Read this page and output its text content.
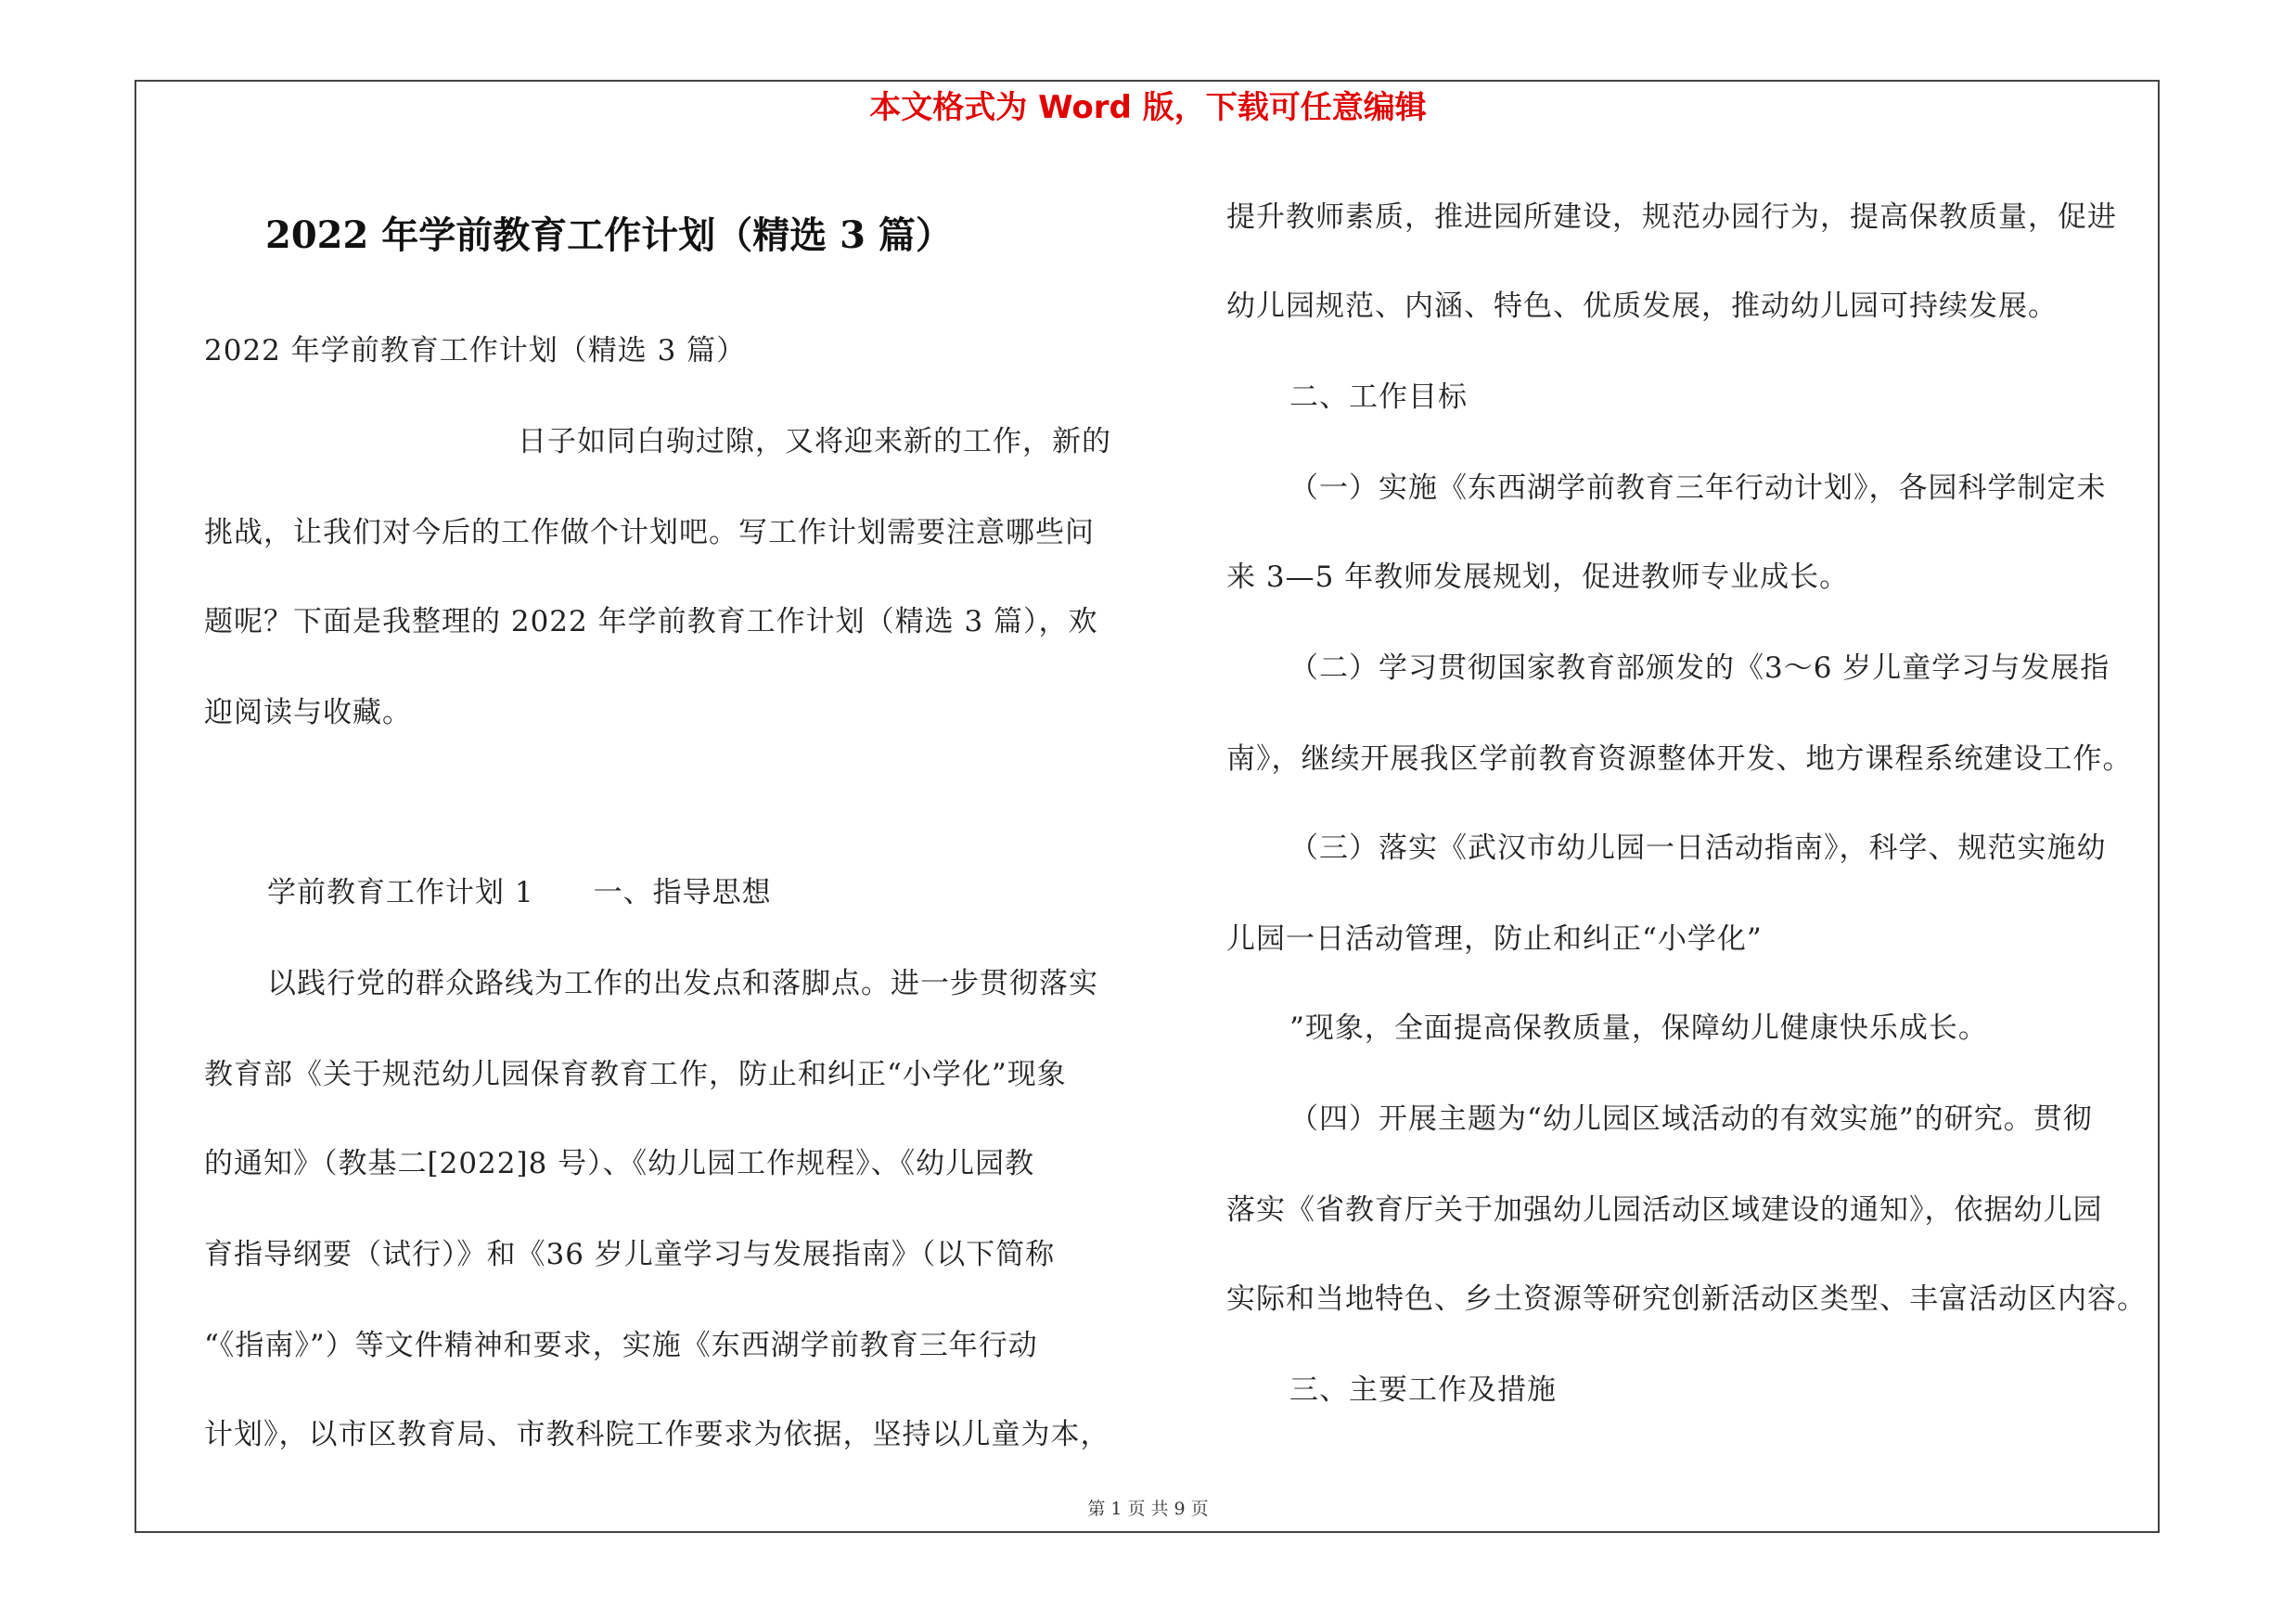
本文格式为 Word 版，下载可任意编辑
2022 年学前教育工作计划（精选 3 篇）
2022 年学前教育工作计划（精选 3 篇）
日子如同白驹过隙，又将迎来新的工作，新的
挑战，让我们对今后的工作做个计划吧。写工作计划需要注意哪些问
题呢？下面是我整理的 2022 年学前教育工作计划（精选 3 篇），欢
迎阅读与收藏。
学前教育工作计划 1　　一、指导思想
以践行党的群众路线为工作的出发点和落脚点。进一步贯彻落实
教育部《关于规范幼儿园保育教育工作，防止和纠正“小学化”现象
的通知》（教基二[2022]8 号）、《幼儿园工作规程》、《幼儿园教
育指导纲要（试行）》和《36 岁儿童学习与发展指南》（以下简称
“《指南》”）等文件精神和要求，实施《东西湖学前教育三年行动
计划》，以市区教育局、市教科院工作要求为依据，坚持以儿童为本，
提升教师素质，推进园所建设，规范办园行为，提高保教质量，促进
幼儿园规范、内涵、特色、优质发展，推动幼儿园可持续发展。
二、工作目标
（一）实施《东西湖学前教育三年行动计划》，各园科学制定未
来 3—5 年教师发展规划，促进教师专业成长。
（二）学习贯彻国家教育部颁发的《3～6 岁儿童学习与发展指
南》，继续开展我区学前教育资源整体开发、地方课程系统建设工作。
（三）落实《武汉市幼儿园一日活动指南》，科学、规范实施幼
儿园一日活动管理，防止和纠正“小学化”
”现象，全面提高保教质量，保障幼儿健康快乐成长。
（四）开展主题为“幼儿园区域活动的有效实施”的研究。贯彻
落实《省教育厅关于加强幼儿园活动区域建设的通知》，依据幼儿园
实际和当地特色、乡土资源等研究创新活动区类型、丰富活动区内容。
三、主要工作及措施
第 1 页 共 9 页
